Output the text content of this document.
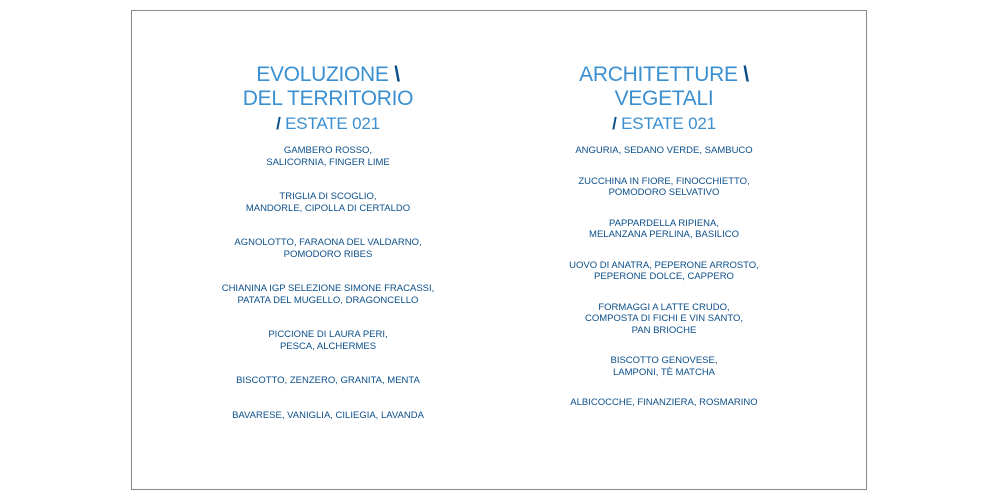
EVOLUZIONE \
DEL TERRITORIO
/ ESTATE 021
GAMBERO ROSSO,
SALICORNIA, FINGER LIME
TRIGLIA DI SCOGLIO,
MANDORLE, CIPOLLA DI CERTALDO
AGNOLOTTO, FARAONA DEL VALDARNO,
POMODORO RIBES
CHIANINA IGP SELEZIONE SIMONE FRACASSI,
PATATA DEL MUGELLO, DRAGONCELLO
PICCIONE DI LAURA PERI,
PESCA, ALCHERMES
BISCOTTO, ZENZERO, GRANITA, MENTA
BAVARESE, VANIGLIA, CILIEGIA, LAVANDA
ARCHITETTURE \
VEGETALI
/ ESTATE 021
ANGURIA, SEDANO VERDE, SAMBUCO
ZUCCHINA IN FIORE, FINOCCHIETTO,
POMODORO SELVATIVO
PAPPARDELLA RIPIENA,
MELANZANA PERLINA, BASILICO
UOVO DI ANATRA, PEPERONE ARROSTO,
PEPERONE DOLCE, CAPPERO
FORMAGGI A LATTE CRUDO,
COMPOSTA DI FICHI E VIN SANTO,
PAN BRIOCHE
BISCOTTO GENOVESE,
LAMPONI, TÈ MATCHA
ALBICOCCHE, FINANZIERA, ROSMARINO
